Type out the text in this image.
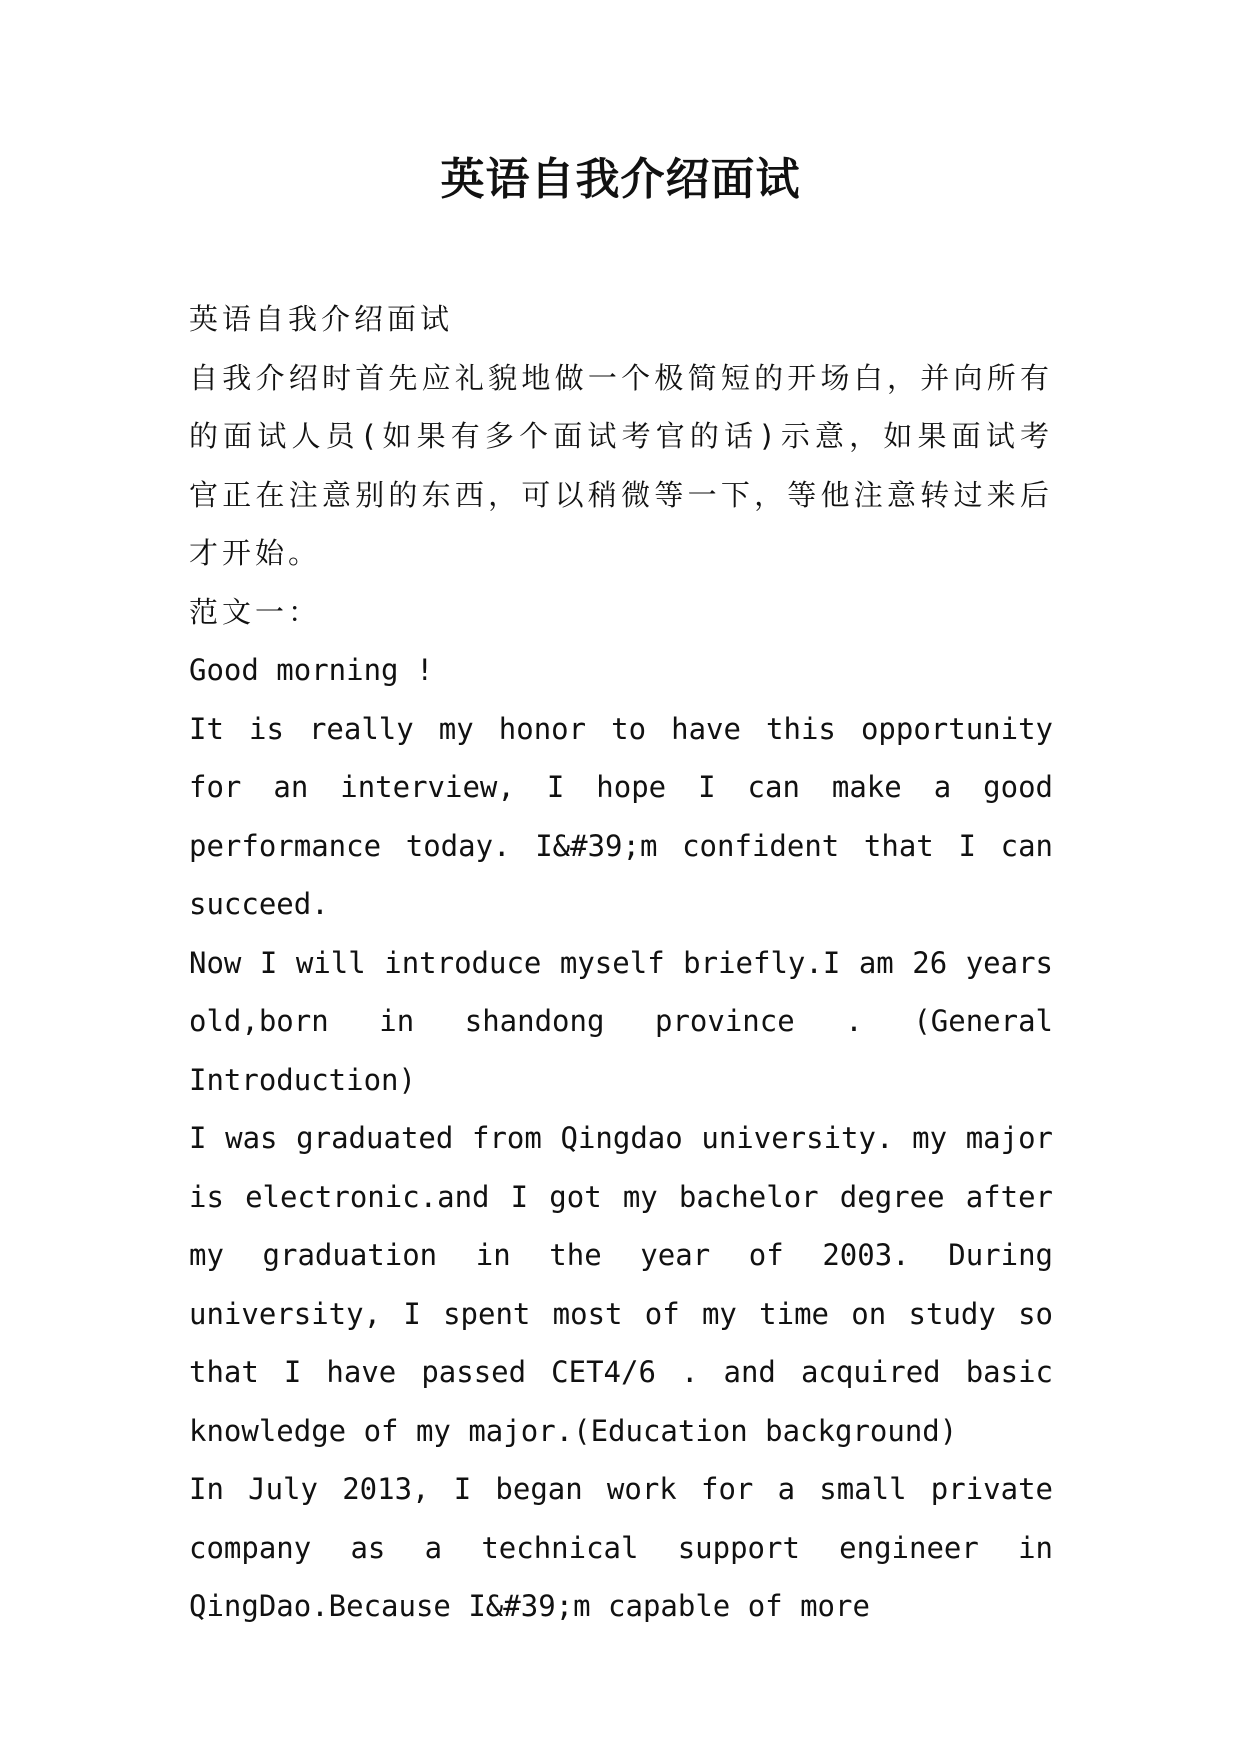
英语自我介绍面试

英语自我介绍面试

自我介绍时首先应礼貌地做一个极简短的开场白，并向所有的面试人员(如果有多个面试考官的话)示意，如果面试考官正在注意别的东西，可以稍微等一下，等他注意转过来后才开始。

范文一：

Good morning !

It is really my honor to have this opportunity for an interview, I hope I can make a good performance today. I&#39;m confident that I can succeed.

Now I will introduce myself briefly.I am 26 years old,born in shandong province . (General Introduction)

I was graduated from Qingdao university. my major is electronic.and I got my bachelor degree after my graduation in the year of 2003. During university, I spent most of my time on study so that I have passed CET4/6 . and acquired basic knowledge of my major.(Education background)

In July 2013, I began work for a small private company as a technical support engineer in QingDao.Because I&#39;m capable of more
